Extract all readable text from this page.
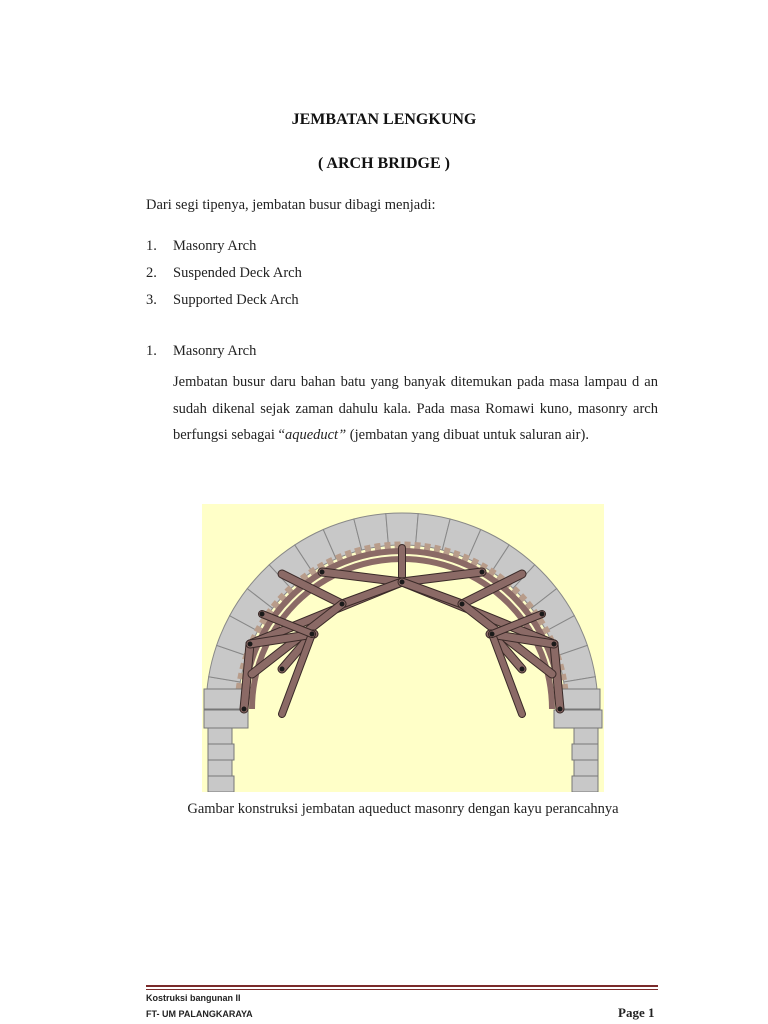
JEMBATAN LENGKUNG
( ARCH BRIDGE )
Dari segi tipenya, jembatan busur dibagi menjadi:
1. Masonry Arch
2. Suspended Deck Arch
3. Supported Deck Arch
1. Masonry Arch
Jembatan busur daru bahan batu yang banyak ditemukan pada masa lampau d an sudah dikenal sejak zaman dahulu kala. Pada masa Romawi kuno, masonry arch berfungsi sebagai “aqueduct” (jembatan yang dibuat untuk saluran air).
Gambar konstruksi jembatan aqueduct masonry dengan kayu perancahnya
Kostruksi bangunan II
FT- UM PALANGKARAYA	Page 1
